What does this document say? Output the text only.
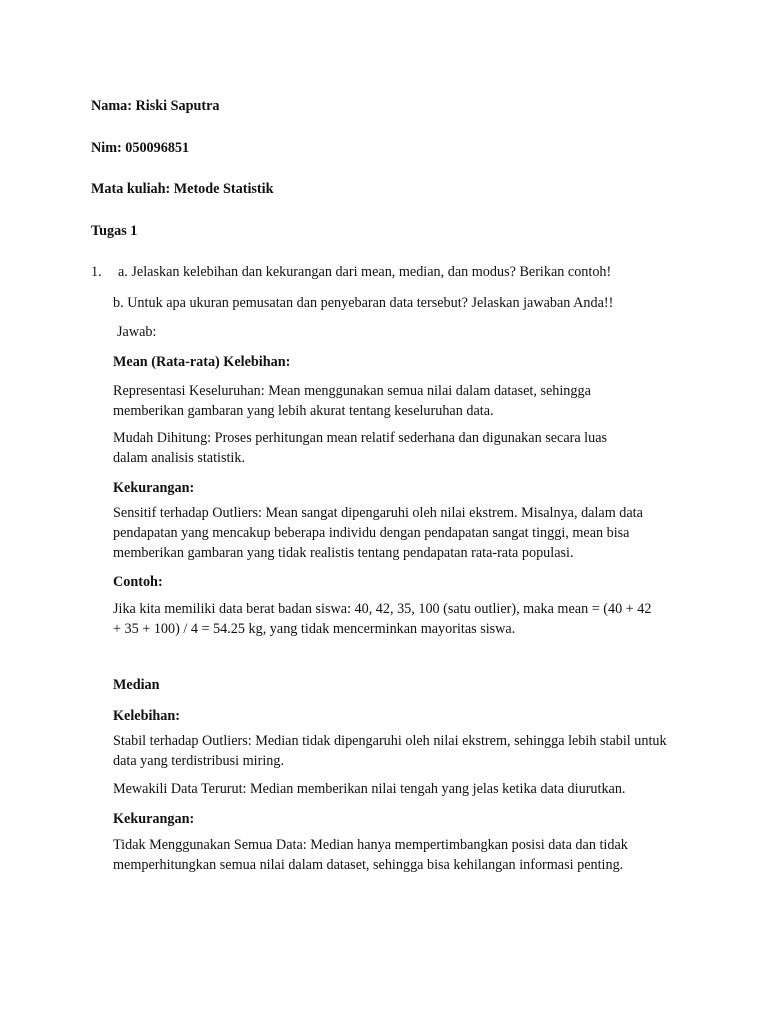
Nama: Riski Saputra
Nim: 050096851
Mata kuliah: Metode Statistik
Tugas 1
1. a. Jelaskan kelebihan dan kekurangan dari mean, median, dan modus? Berikan contoh!
b. Untuk apa ukuran pemusatan dan penyebaran data tersebut? Jelaskan jawaban Anda!!
Jawab:
Mean (Rata-rata) Kelebihan:
Representasi Keseluruhan: Mean menggunakan semua nilai dalam dataset, sehingga memberikan gambaran yang lebih akurat tentang keseluruhan data.
Mudah Dihitung: Proses perhitungan mean relatif sederhana dan digunakan secara luas dalam analisis statistik.
Kekurangan:
Sensitif terhadap Outliers: Mean sangat dipengaruhi oleh nilai ekstrem. Misalnya, dalam data pendapatan yang mencakup beberapa individu dengan pendapatan sangat tinggi, mean bisa memberikan gambaran yang tidak realistis tentang pendapatan rata-rata populasi.
Contoh:
Jika kita memiliki data berat badan siswa: 40, 42, 35, 100 (satu outlier), maka mean = (40 + 42 + 35 + 100) / 4 = 54.25 kg, yang tidak mencerminkan mayoritas siswa.
Median
Kelebihan:
Stabil terhadap Outliers: Median tidak dipengaruhi oleh nilai ekstrem, sehingga lebih stabil untuk data yang terdistribusi miring.
Mewakili Data Terurut: Median memberikan nilai tengah yang jelas ketika data diurutkan.
Kekurangan:
Tidak Menggunakan Semua Data: Median hanya mempertimbangkan posisi data dan tidak memperhitungkan semua nilai dalam dataset, sehingga bisa kehilangan informasi penting.
